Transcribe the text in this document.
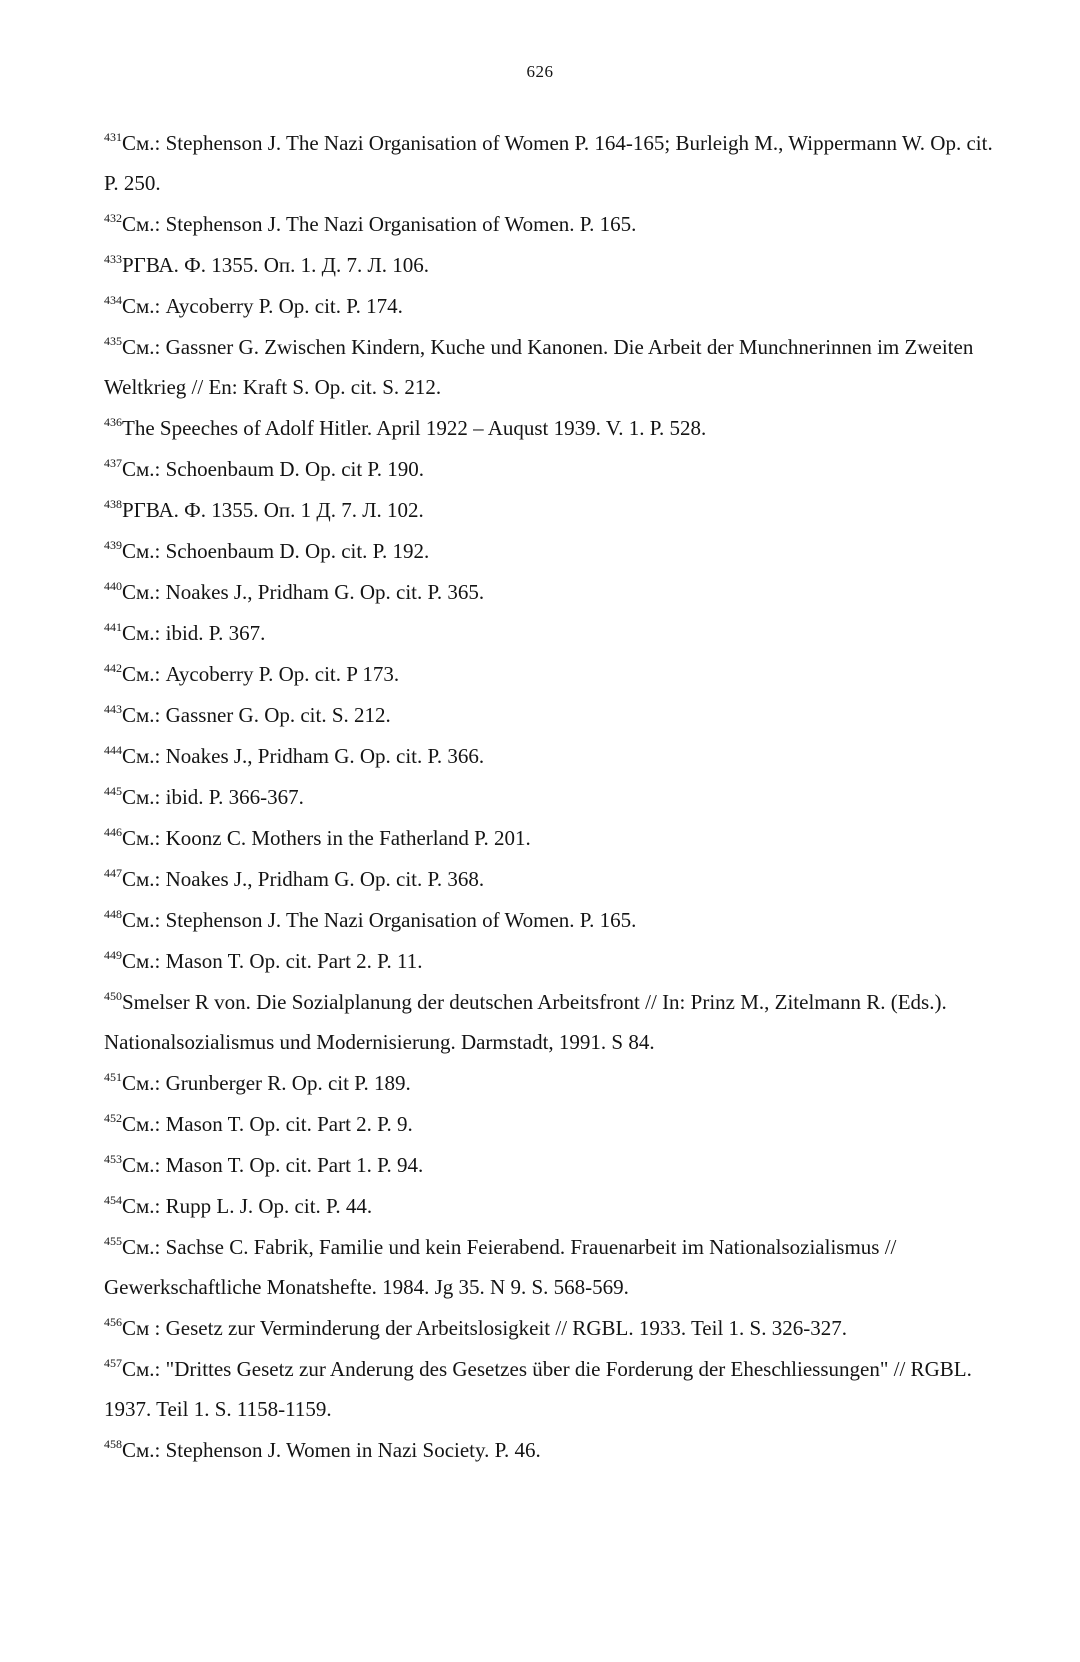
626

$^{431}$См.: Stephenson J. The Nazi Organisation of Women P. 164-165; Burleigh M., Wippermann W. Op. cit. P. 250.

$^{432}$См.: Stephenson J. The Nazi Organisation of Women. P. 165.

$^{433}$РГВА. Ф. 1355. Оп. 1. Д. 7. Л. 106.

$^{434}$См.: Aycoberry P. Op. cit. P. 174.

$^{435}$См.: Gassner G. Zwischen Kindern, Kuche und Kanonen. Die Arbeit der Munchnerinnen im Zweiten Weltkrieg // En: Kraft S. Op. cit. S. 212.

$^{436}$The Speeches of Adolf Hitler. April 1922 – Auqust 1939. V. 1. P. 528.

$^{437}$См.: Schoenbaum D. Op. cit P. 190.

$^{438}$РГВА. Ф. 1355. Оп. 1 Д. 7. Л. 102.

$^{439}$См.: Schoenbaum D. Op. cit. P. 192.

$^{440}$См.: Noakes J., Pridham G. Op. cit. P. 365.

$^{441}$См.: ibid. P. 367.

$^{442}$См.: Aycoberry P. Op. cit. P 173.

$^{443}$См.: Gassner G. Op. cit. S. 212.

$^{444}$См.: Noakes J., Pridham G. Op. cit. P. 366.

$^{445}$См.: ibid. P. 366-367.

$^{446}$См.: Koonz C. Mothers in the Fatherland P. 201.

$^{447}$См.: Noakes J., Pridham G. Op. cit. P. 368.

$^{448}$См.: Stephenson J. The Nazi Organisation of Women. P. 165.

$^{449}$См.: Mason T. Op. cit. Part 2. P. 11.

$^{450}$Smelser R von. Die Sozialplanung der deutschen Arbeitsfront // In: Prinz M., Zitelmann R. (Eds.). Nationalsozialismus und Modernisierung. Darmstadt, 1991. S 84.

$^{451}$См.: Grunberger R. Op. cit P. 189.

$^{452}$См.: Mason T. Op. cit. Part 2. P. 9.

$^{453}$См.: Mason T. Op. cit. Part 1. P. 94.

$^{454}$См.: Rupp L. J. Op. cit. P. 44.

$^{455}$См.: Sachse C. Fabrik, Familie und kein Feierabend. Frauenarbeit im Nationalsozialismus // Gewerkschaftliche Monatshefte. 1984. Jg 35. N 9. S. 568-569.

$^{456}$См : Gesetz zur Verminderung der Arbeitslosigkeit // RGBL. 1933. Teil 1. S. 326-327.

$^{457}$См.: "Drittes Gesetz zur Anderung des Gesetzes über die Forderung der Eheschliessungen" // RGBL. 1937. Teil 1. S. 1158-1159.

$^{458}$См.: Stephenson J. Women in Nazi Society. P. 46.
